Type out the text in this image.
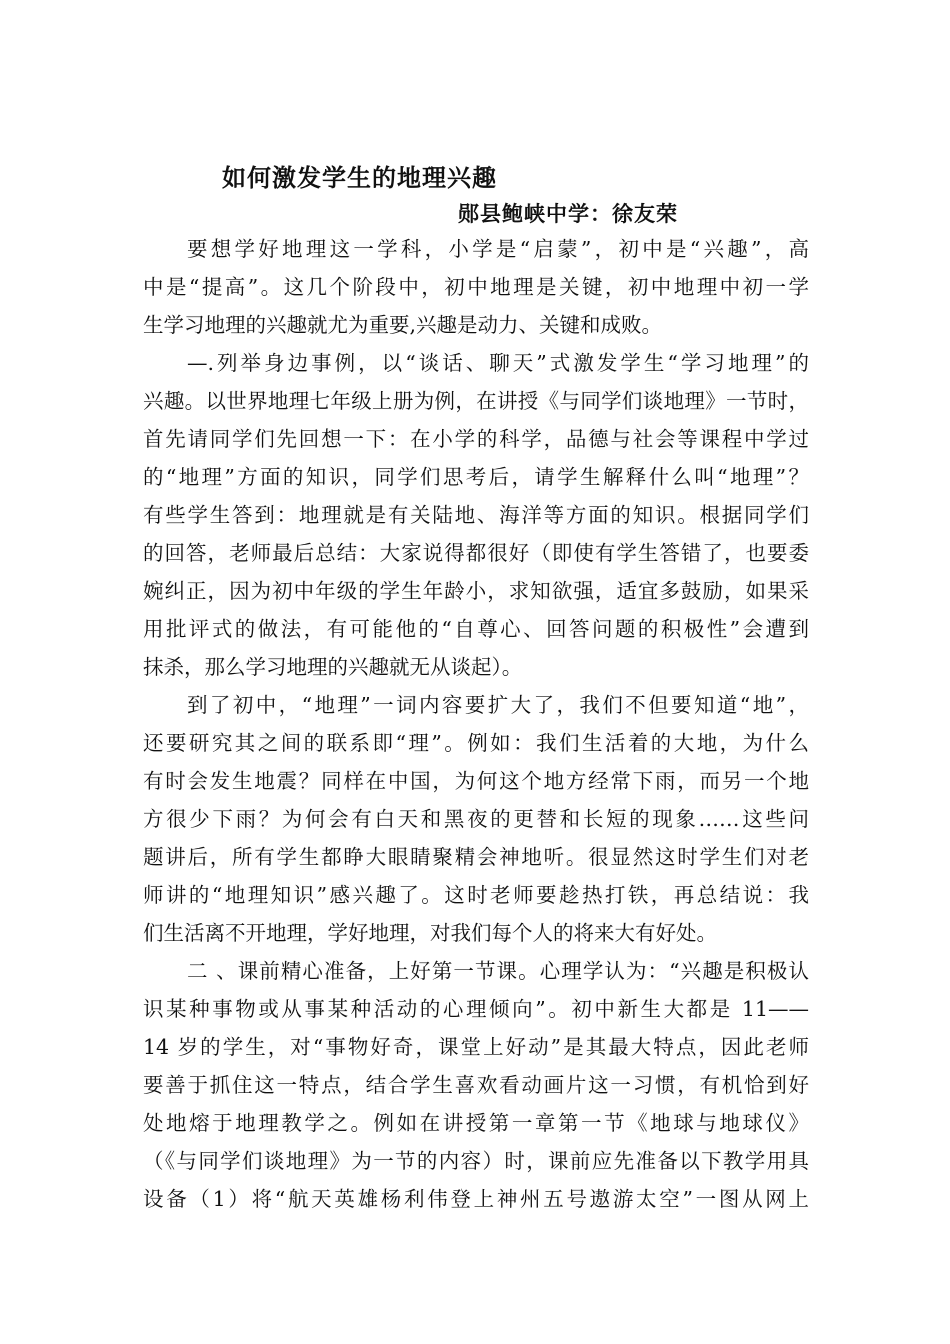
如何激发学生的地理兴趣
郧县鲍峡中学：徐友荣
要想学好地理这一学科，小学是“启蒙”，初中是“兴趣”，高
中是“提高”。这几个阶段中，初中地理是关键，初中地理中初一学
生学习地理的兴趣就尤为重要,兴趣是动力、关键和成败。
—.列举身边事例，以“谈话、聊天”式激发学生“学习地理”的
兴趣。以世界地理七年级上册为例，在讲授《与同学们谈地理》一节时，
首先请同学们先回想一下：在小学的科学，品德与社会等课程中学过
的“地理”方面的知识，同学们思考后，请学生解释什么叫“地理”？
有些学生答到：地理就是有关陆地、海洋等方面的知识。根据同学们
的回答，老师最后总结：大家说得都很好（即使有学生答错了，也要委
婉纠正，因为初中年级的学生年龄小，求知欲强，适宜多鼓励，如果采
用批评式的做法，有可能他的“自尊心、回答问题的积极性”会遭到
抹杀，那么学习地理的兴趣就无从谈起）。
到了初中，“地理”一词内容要扩大了，我们不但要知道“地”，
还要研究其之间的联系即“理”。例如：我们生活着的大地，为什么
有时会发生地震？同样在中国，为何这个地方经常下雨，而另一个地
方很少下雨？为何会有白天和黑夜的更替和长短的现象……这些问
题讲后，所有学生都睁大眼睛聚精会神地听。很显然这时学生们对老
师讲的“地理知识”感兴趣了。这时老师要趁热打铁，再总结说：我
们生活离不开地理，学好地理，对我们每个人的将来大有好处。
二 、课前精心准备，上好第一节课。心理学认为：“兴趣是积极认
识某种事物或从事某种活动的心理倾向”。初中新生大都是 11——
14 岁的学生，对“事物好奇，课堂上好动”是其最大特点，因此老师
要善于抓住这一特点，结合学生喜欢看动画片这一习惯，有机恰到好
处地熔于地理教学之。例如在讲授第一章第一节《地球与地球仪》
（《与同学们谈地理》为一节的内容）时，课前应先准备以下教学用具
设备（1）将“航天英雄杨利伟登上神州五号遨游太空”一图从网上
